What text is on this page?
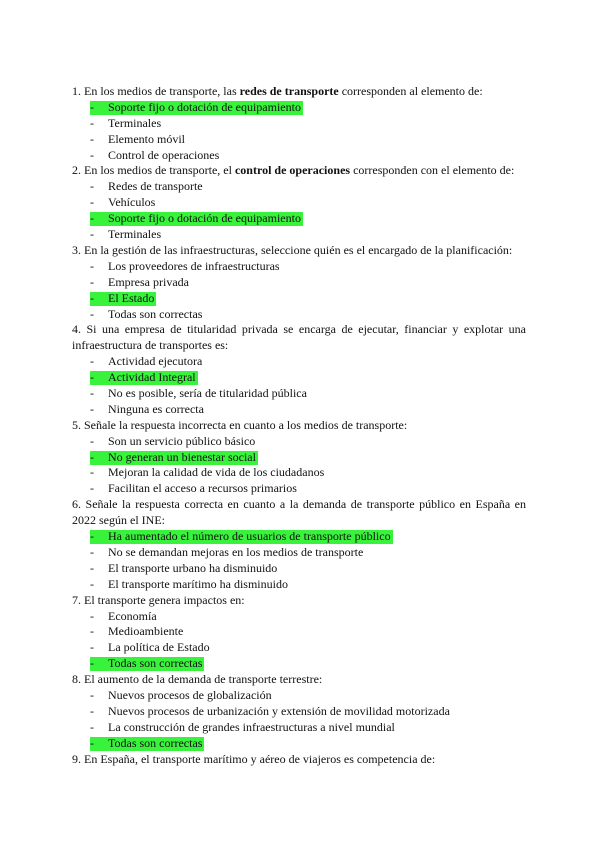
1. En los medios de transporte, las redes de transporte corresponden al elemento de:
- Soporte fijo o dotación de equipamiento
- Terminales
- Elemento móvil
- Control de operaciones
2. En los medios de transporte, el control de operaciones corresponden con el elemento de:
- Redes de transporte
- Vehículos
- Soporte fijo o dotación de equipamiento
- Terminales
3. En la gestión de las infraestructuras, seleccione quién es el encargado de la planificación:
- Los proveedores de infraestructuras
- Empresa privada
- El Estado
- Todas son correctas
4. Si una empresa de titularidad privada se encarga de ejecutar, financiar y explotar una infraestructura de transportes es:
- Actividad ejecutora
- Actividad Integral
- No es posible, sería de titularidad pública
- Ninguna es correcta
5. Señale la respuesta incorrecta en cuanto a los medios de transporte:
- Son un servicio público básico
- No generan un bienestar social
- Mejoran la calidad de vida de los ciudadanos
- Facilitan el acceso a recursos primarios
6. Señale la respuesta correcta en cuanto a la demanda de transporte público en España en 2022 según el INE:
- Ha aumentado el número de usuarios de transporte público
- No se demandan mejoras en los medios de transporte
- El transporte urbano ha disminuido
- El transporte marítimo ha disminuido
7. El transporte genera impactos en:
- Economía
- Medioambiente
- La política de Estado
- Todas son correctas
8. El aumento de la demanda de transporte terrestre:
- Nuevos procesos de globalización
- Nuevos procesos de urbanización y extensión de movilidad motorizada
- La construcción de grandes infraestructuras a nivel mundial
- Todas son correctas
9. En España, el transporte marítimo y aéreo de viajeros es competencia de:
